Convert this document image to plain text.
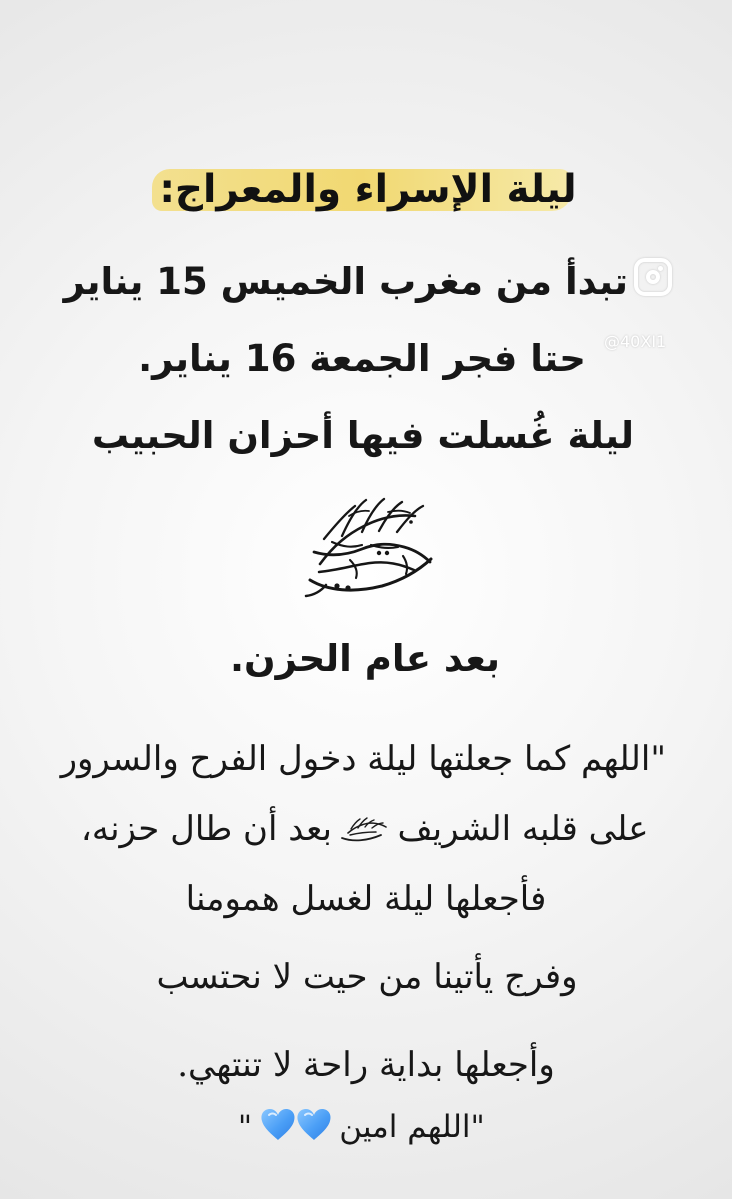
ليلة الإسراء والمعراج:
@40XI1
تبدأ من مغرب الخميس 15 يناير
حتا فجر الجمعة 16 يناير.
ليلة غُسلت فيها أحزان الحبيب
بعد عام الحزن.
"اللهم كما جعلتها ليلة دخول الفرح والسرور
على قلبه الشريف
بعد أن طال حزنه،
فأجعلها ليلة لغسل همومنا
وفرج يأتينا من حيت لا نحتسب
وأجعلها بداية راحة لا تنتهي.
"اللهم امين
"
